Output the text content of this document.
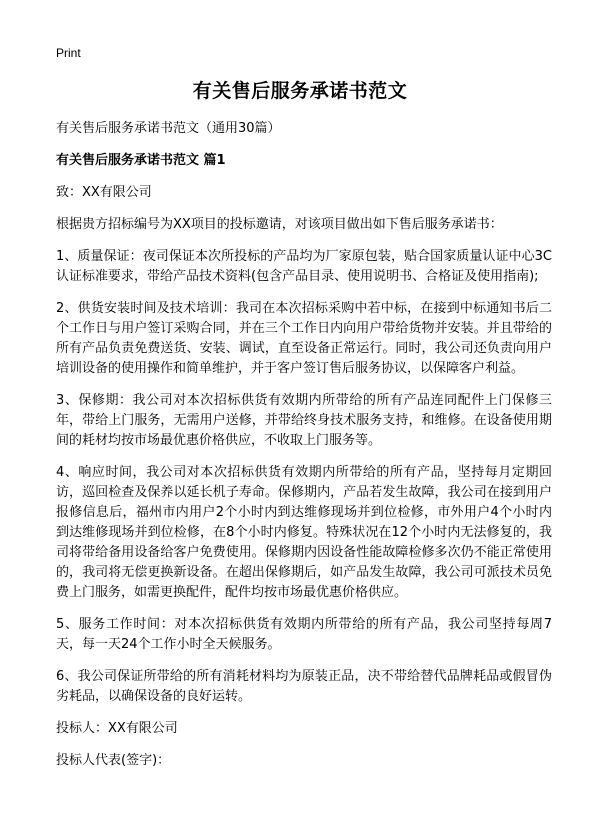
Print
有关售后服务承诺书范文

有关售后服务承诺书范文（通用30篇）

有关售后服务承诺书范文 篇1

致：XX有限公司

根据贵方招标编号为XX项目的投标邀请，对该项目做出如下售后服务承诺书：

1、质量保证：夜司保证本次所投标的产品均为厂家原包装，贴合国家质量认证中心3C认证标准要求，带给产品技术资料(包含产品目录、使用说明书、合格证及使用指南);

2、供货安装时间及技术培训：我司在本次招标采购中若中标，在接到中标通知书后二个工作日与用户签订采购合同，并在三个工作日内向用户带给货物并安装。并且带给的所有产品负责免费送货、安装、调试，直至设备正常运行。同时，我公司还负责向用户培训设备的使用操作和简单维护，并于客户签订售后服务协议，以保障客户利益。

3、保修期：我公司对本次招标供货有效期内所带给的所有产品连同配件上门保修三年，带给上门服务，无需用户送修，并带给终身技术服务支持，和维修。在设备使用期间的耗材均按市场最优惠价格供应，不收取上门服务等。

4、响应时间，我公司对本次招标供货有效期内所带给的所有产品，坚持每月定期回访，巡回检查及保养以延长机子寿命。保修期内，产品若发生故障，我公司在接到用户报修信息后，福州市内用户2个小时内到达维修现场并到位检修，市外用户4个小时内到达维修现场并到位检修，在8个小时内修复。特殊状况在12个小时内无法修复的，我司将带给备用设备给客户免费使用。保修期内因设备性能故障检修多次仍不能正常使用的，我司将无偿更换新设备。在超出保修期后，如产品发生故障，我公司可派技术员免费上门服务，如需更换配件，配件均按市场最优惠价格供应。

5、服务工作时间：对本次招标供货有效期内所带给的所有产品，我公司坚持每周7天，每一天24个工作小时全天候服务。

6、我公司保证所带给的所有消耗材料均为原装正品，决不带给替代品牌耗品或假冒伪劣耗品，以确保设备的良好运转。

投标人：XX有限公司

投标人代表(签字)：
